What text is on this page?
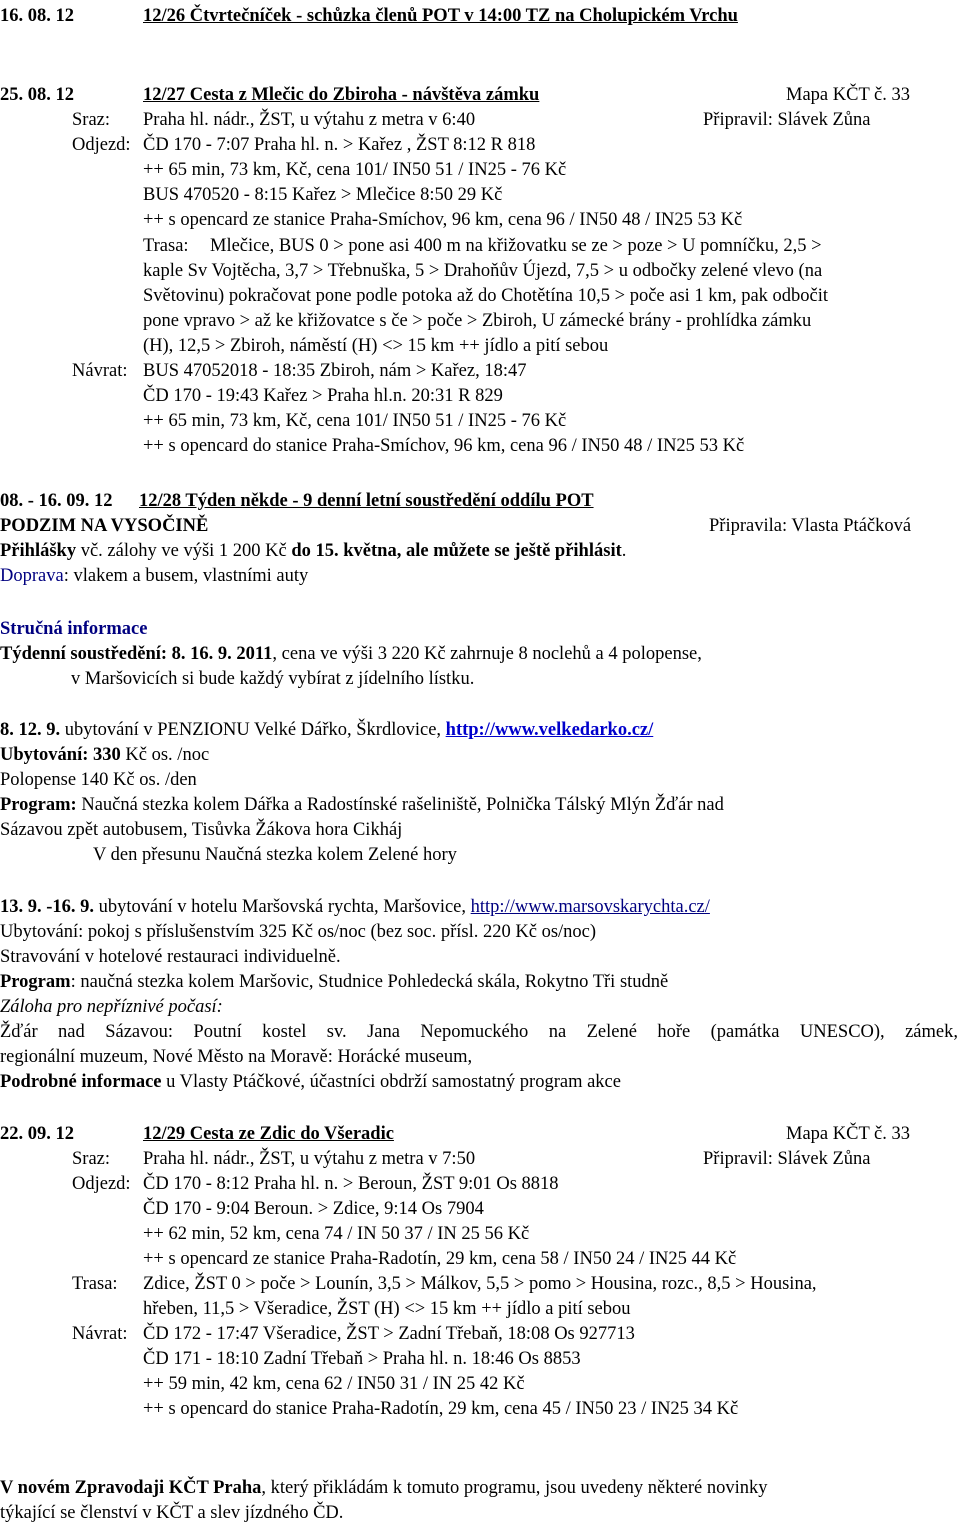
16. 08. 12	12/26 Čtvrtečníček - schůzka členů POT v 14:00 TZ na Cholupickém Vrchu
25. 08. 12	12/27 Cesta z Mlečic do Zbiroha - návštěva zámku	Mapa KČT č. 33
Sraz: Praha hl. nádr., ŽST, u výtahu z metra v 6:40	Připravil: Slávek Zůna
Odjezd: ČD 170 - 7:07 Praha hl. n. > Kařez , ŽST 8:12 R 818
++ 65 min, 73 km, Kč, cena 101/ IN50 51 / IN25 - 76 Kč
BUS 470520 - 8:15 Kařez > Mlečice 8:50 29 Kč
++ s opencard ze stanice Praha-Smíchov, 96 km, cena 96 / IN50 48 / IN25 53 Kč
Trasa: Mlečice, BUS 0 > pone asi 400 m na křižovatku se ze > poze > U pomníčku, 2,5 >
kaple Sv Vojtěcha, 3,7 > Třebnuška, 5 > Drahoňův Újezd, 7,5 > u odbočky zelené vlevo (na
Světovinu) pokračovat pone podle potoka až do Chotětína 10,5 > poče asi 1 km, pak odbočit
pone vpravo > až ke křižovatce s če > poče > Zbiroh, U zámecké brány - prohlídka zámku
(H), 12,5 > Zbiroh, náměstí (H) <> 15 km ++ jídlo a pití sebou
Návrat: BUS 47052018 - 18:35 Zbiroh, nám > Kařez, 18:47
ČD 170 - 19:43 Kařez > Praha hl.n. 20:31 R 829
++ 65 min, 73 km, Kč, cena 101/ IN50 51 / IN25 - 76 Kč
++ s opencard do stanice Praha-Smíchov, 96 km, cena 96 / IN50 48 / IN25 53 Kč
08. - 16. 09. 12 12/28 Týden někde - 9 denní letní soustředění oddílu POT
PODZIM NA VYSOČINĚ	Připravila: Vlasta Ptáčková
Přihlášky vč. zálohy ve výši 1 200 Kč do 15. května, ale můžete se ještě přihlásit.
Doprava: vlakem a busem, vlastními auty
Stručná informace
Týdenní soustředění: 8. 16. 9. 2011, cena ve výši 3 220 Kč zahrnuje 8 noclehů a 4 polopense,
v Maršovicích si bude každý vybírat z jídelního lístku.
8. 12. 9. ubytování v PENZIONU Velké Dářko, Škrdlovice, http://www.velkedarko.cz/
Ubytování: 330 Kč os. /noc
Polopense 140 Kč os. /den
Program: Naučná stezka kolem Dářka a Radostínské rašeliniště, Polnička Tálský Mlýn Žďár nad
Sázavou zpět autobusem, Tisůvka Žákova hora Cikháj
V den přesunu Naučná stezka kolem Zelené hory
13. 9. -16. 9. ubytování v hotelu Maršovská rychta, Maršovice, http://www.marsovskarychta.cz/
Ubytování: pokoj s příslušenstvím 325 Kč os/noc (bez soc. přísl. 220 Kč os/noc)
Stravování v hotelové restauraci individuelně.
Program: naučná stezka kolem Maršovic, Studnice Pohledecká skála, Rokytno Tři studně
Záloha pro nepříznivé počasí:
Žďár nad Sázavou: Poutní kostel sv. Jana Nepomuckého na Zelené hoře (památka UNESCO), zámek,
regionální muzeum, Nové Město na Moravě: Horácké museum,
Podrobné informace u Vlasty Ptáčkové, účastníci obdrží samostatný program akce
22. 09. 12	12/29 Cesta ze Zdic do Všeradic	Mapa KČT č. 33
Sraz: Praha hl. nádr., ŽST, u výtahu z metra v 7:50	Připravil: Slávek Zůna
Odjezd: ČD 170 - 8:12 Praha hl. n. > Beroun, ŽST 9:01 Os 8818
ČD 170 - 9:04 Beroun. > Zdice, 9:14 Os 7904
++ 62 min, 52 km, cena 74 / IN 50 37 / IN 25 56 Kč
++ s opencard ze stanice Praha-Radotín, 29 km, cena 58 / IN50 24 / IN25 44 Kč
Trasa: Zdice, ŽST 0 > poče > Lounín, 3,5 > Málkov, 5,5 > pomo > Housina, rozc., 8,5 > Housina,
hřeben, 11,5 > Všeradice, ŽST (H) <> 15 km ++ jídlo a pití sebou
Návrat: ČD 172 - 17:47 Všeradice, ŽST > Zadní Třebaň, 18:08 Os 927713
ČD 171 - 18:10 Zadní Třebaň > Praha hl. n. 18:46 Os 8853
++ 59 min, 42 km, cena 62 / IN50 31 / IN 25 42 Kč
++ s opencard do stanice Praha-Radotín, 29 km, cena 45 / IN50 23 / IN25 34 Kč
V novém Zpravodaji KČT Praha, který přikládám k tomuto programu, jsou uvedeny některé novinky
týkající se členství v KČT a slev jízdného ČD.
